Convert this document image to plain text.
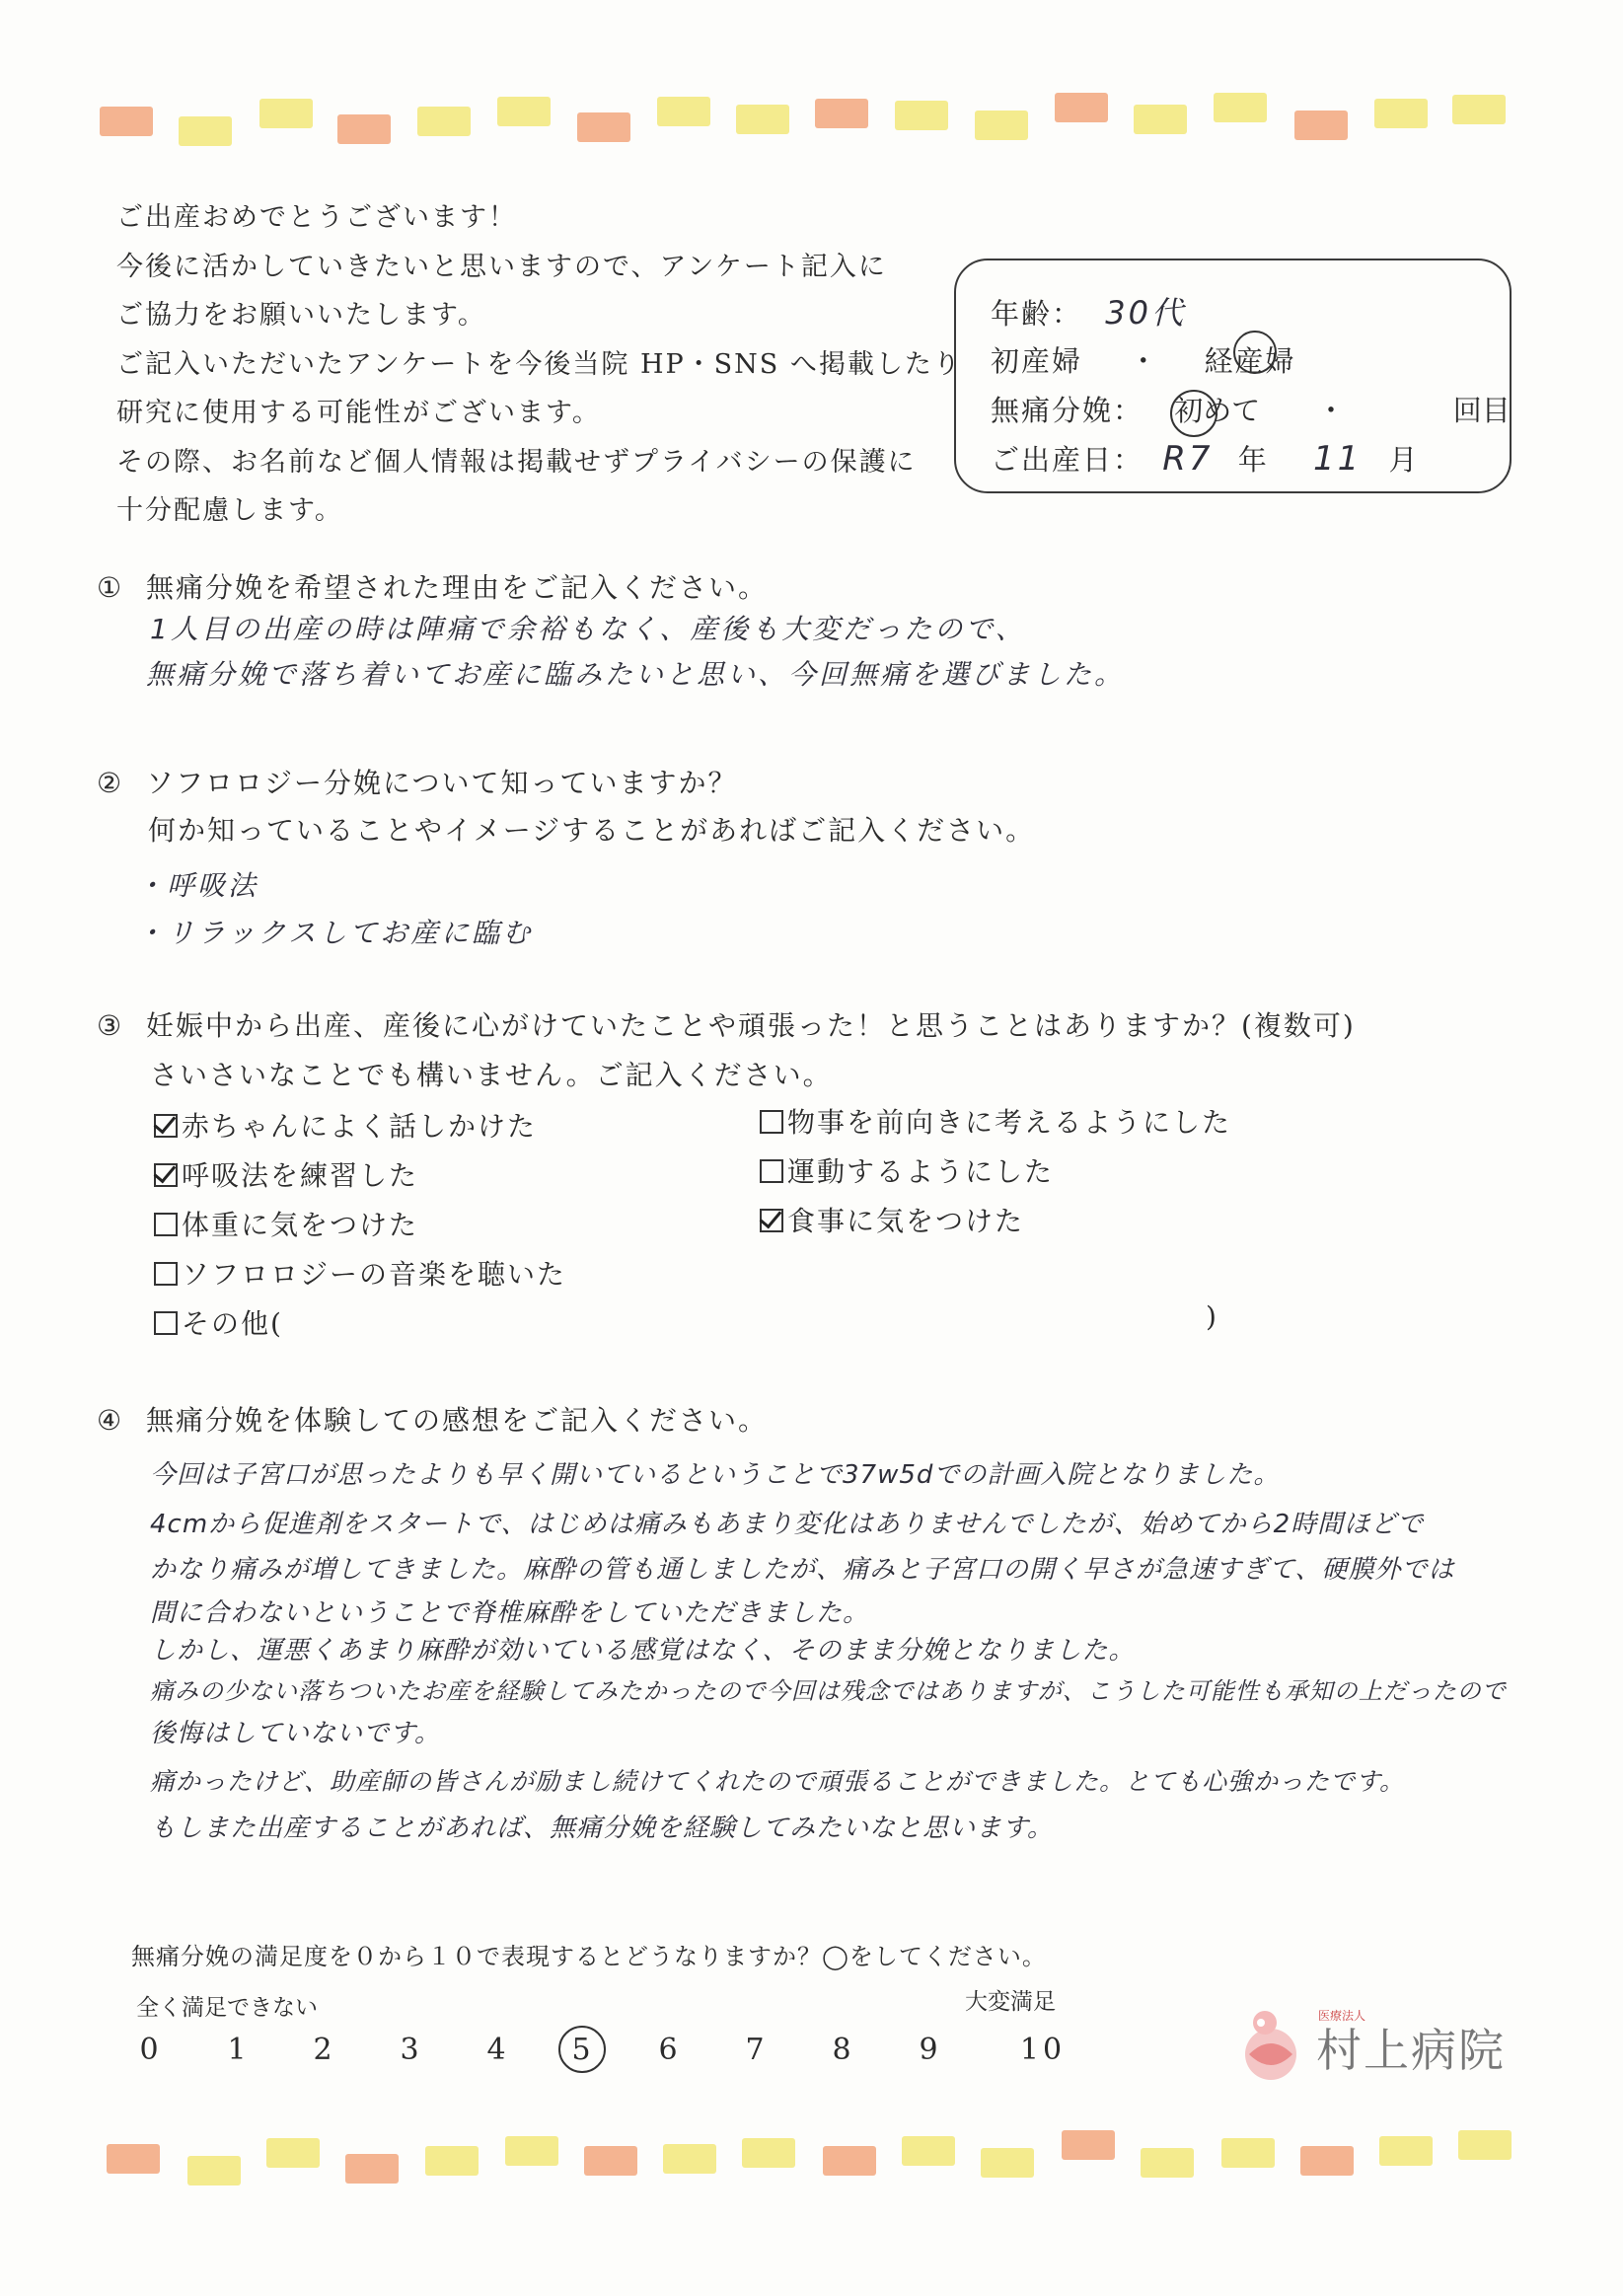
ご出産おめでとうございます！
今後に活かしていきたいと思いますので、アンケート記入に
ご協力をお願いいたします。
ご記入いただいたアンケートを今後当院 HP・SNS へ掲載したり
研究に使用する可能性がございます。
その際、お名前など個人情報は掲載せずプライバシーの保護に
十分配慮します。
年齢： 30代
初産婦 ・ 経産婦
無痛分娩： 初めて ・	回目
ご出産日： R7 年 11 月
① 無痛分娩を希望された理由をご記入ください。
1人目の出産の時は陣痛で余裕もなく、産後も大変だったので、
無痛分娩で落ち着いてお産に臨みたいと思い、今回無痛を選びました。
② ソフロロジー分娩について知っていますか？
何か知っていることやイメージすることがあればご記入ください。
・呼吸法
・リラックスしてお産に臨む
③ 妊娠中から出産、産後に心がけていたことや頑張った！と思うことはありますか？(複数可)
さいさいなことでも構いません。ご記入ください。
赤ちゃんによく話しかけた
呼吸法を練習した
体重に気をつけた
ソフロロジーの音楽を聴いた
その他(	)
物事を前向きに考えるようにした
運動するようにした
食事に気をつけた
④ 無痛分娩を体験しての感想をご記入ください。
今回は子宮口が思ったよりも早く開いているということで37w5dでの計画入院となりました。
4cmから促進剤をスタートで、はじめは痛みもあまり変化はありませんでしたが、始めてから2時間ほどで
かなり痛みが増してきました。麻酔の管も通しましたが、痛みと子宮口の開く早さが急速すぎて、硬膜外では
間に合わないということで脊椎麻酔をしていただきました。
しかし、運悪くあまり麻酔が効いている感覚はなく、そのまま分娩となりました。
痛みの少ない落ちついたお産を経験してみたかったので今回は残念ではありますが、こうした可能性も承知の上だったので
後悔はしていないです。
痛かったけど、助産師の皆さんが励まし続けてくれたので頑張ることができました。とても心強かったです。
もしまた出産することがあれば、無痛分娩を経験してみたいなと思います。
無痛分娩の満足度を０から１０で表現するとどうなりますか？◯をしてください。
全く満足できない	大変満足
0	1	2	3	4	5	6	7	8	9	10
医療法人
村上病院
